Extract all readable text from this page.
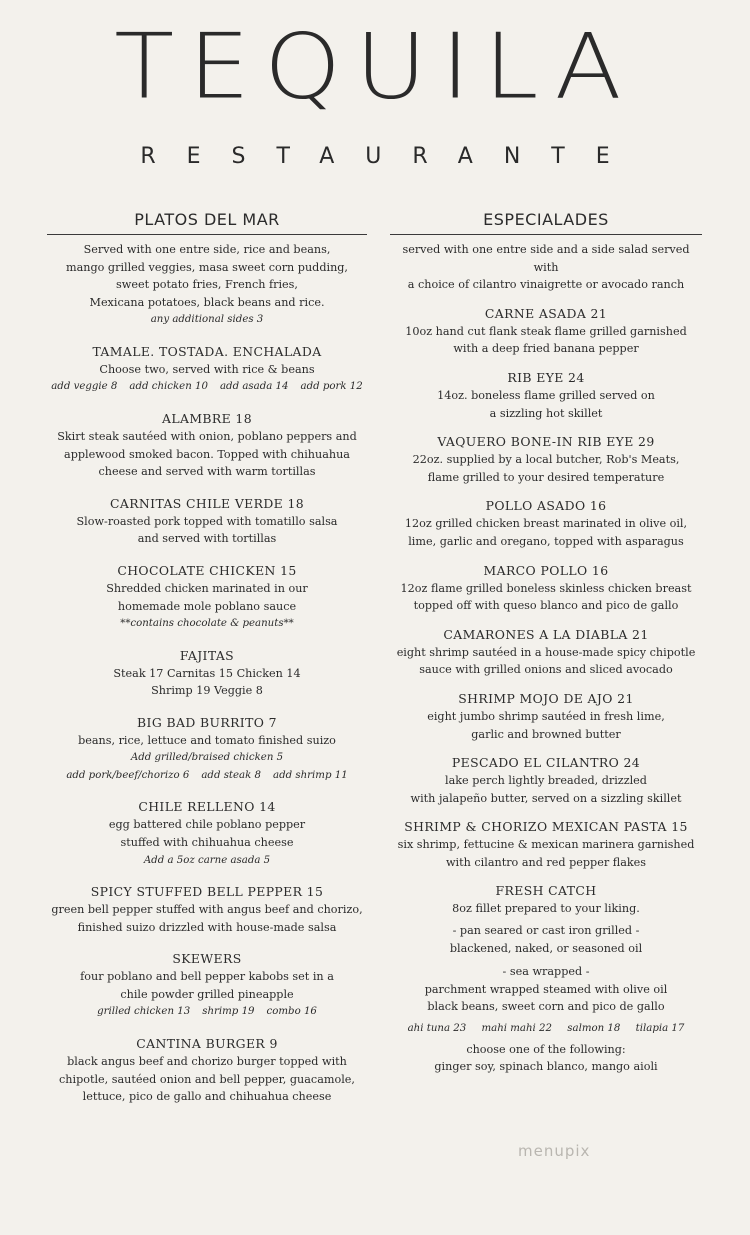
TEQUILA
RESTAURANTE
PLATOS DEL MAR
Served with one entre side, rice and beans,
mango grilled veggies, masa sweet corn pudding,
sweet potato fries, French fries,
Mexicana potatoes, black beans and rice.
any additional sides 3
TAMALE. TOSTADA. ENCHALADA
Choose two, served with rice & beans
add veggie 8 add chicken 10 add asada 14 add pork 12
ALAMBRE 18
Skirt steak sautéed with onion, poblano peppers and
applewood smoked bacon. Topped with chihuahua
cheese and served with warm tortillas
CARNITAS CHILE VERDE 18
Slow-roasted pork topped with tomatillo salsa
and served with tortillas
CHOCOLATE CHICKEN 15
Shredded chicken marinated in our
homemade mole poblano sauce
**contains chocolate & peanuts**
FAJITAS
Steak 17 Carnitas 15 Chicken 14
Shrimp 19 Veggie 8
BIG BAD BURRITO 7
beans, rice, lettuce and tomato finished suizo
Add grilled/braised chicken 5
add pork/beef/chorizo 6 add steak 8 add shrimp 11
CHILE RELLENO 14
egg battered chile poblano pepper
stuffed with chihuahua cheese
Add a 5oz carne asada 5
SPICY STUFFED BELL PEPPER 15
green bell pepper stuffed with angus beef and chorizo,
finished suizo drizzled with house-made salsa
SKEWERS
four poblano and bell pepper kabobs set in a
chile powder grilled pineapple
grilled chicken 13 shrimp 19 combo 16
CANTINA BURGER 9
black angus beef and chorizo burger topped with
chipotle, sautéed onion and bell pepper, guacamole,
lettuce, pico de gallo and chihuahua cheese
ESPECIALADES
served with one entre side and a side salad served with
a choice of cilantro vinaigrette or avocado ranch
CARNE ASADA 21
10oz hand cut flank steak flame grilled garnished
with a deep fried banana pepper
RIB EYE 24
14oz. boneless flame grilled served on
a sizzling hot skillet
VAQUERO BONE-IN RIB EYE 29
22oz. supplied by a local butcher, Rob's Meats,
flame grilled to your desired temperature
POLLO ASADO 16
12oz grilled chicken breast marinated in olive oil,
lime, garlic and oregano, topped with asparagus
MARCO POLLO 16
12oz flame grilled boneless skinless chicken breast
topped off with queso blanco and pico de gallo
CAMARONES A LA DIABLA 21
eight shrimp sautéed in a house-made spicy chipotle
sauce with grilled onions and sliced avocado
SHRIMP MOJO DE AJO 21
eight jumbo shrimp sautéed in fresh lime,
garlic and browned butter
PESCADO EL CILANTRO 24
lake perch lightly breaded, drizzled
with jalapeño butter, served on a sizzling skillet
SHRIMP & CHORIZO MEXICAN PASTA 15
six shrimp, fettucine & mexican marinera garnished
with cilantro and red pepper flakes
FRESH CATCH
8oz fillet prepared to your liking.
- pan seared or cast iron grilled -
blackened, naked, or seasoned oil
- sea wrapped -
parchment wrapped steamed with olive oil
black beans, sweet corn and pico de gallo
ahi tuna 23 mahi mahi 22 salmon 18 tilapia 17
choose one of the following:
ginger soy, spinach blanco, mango aioli
menupix
